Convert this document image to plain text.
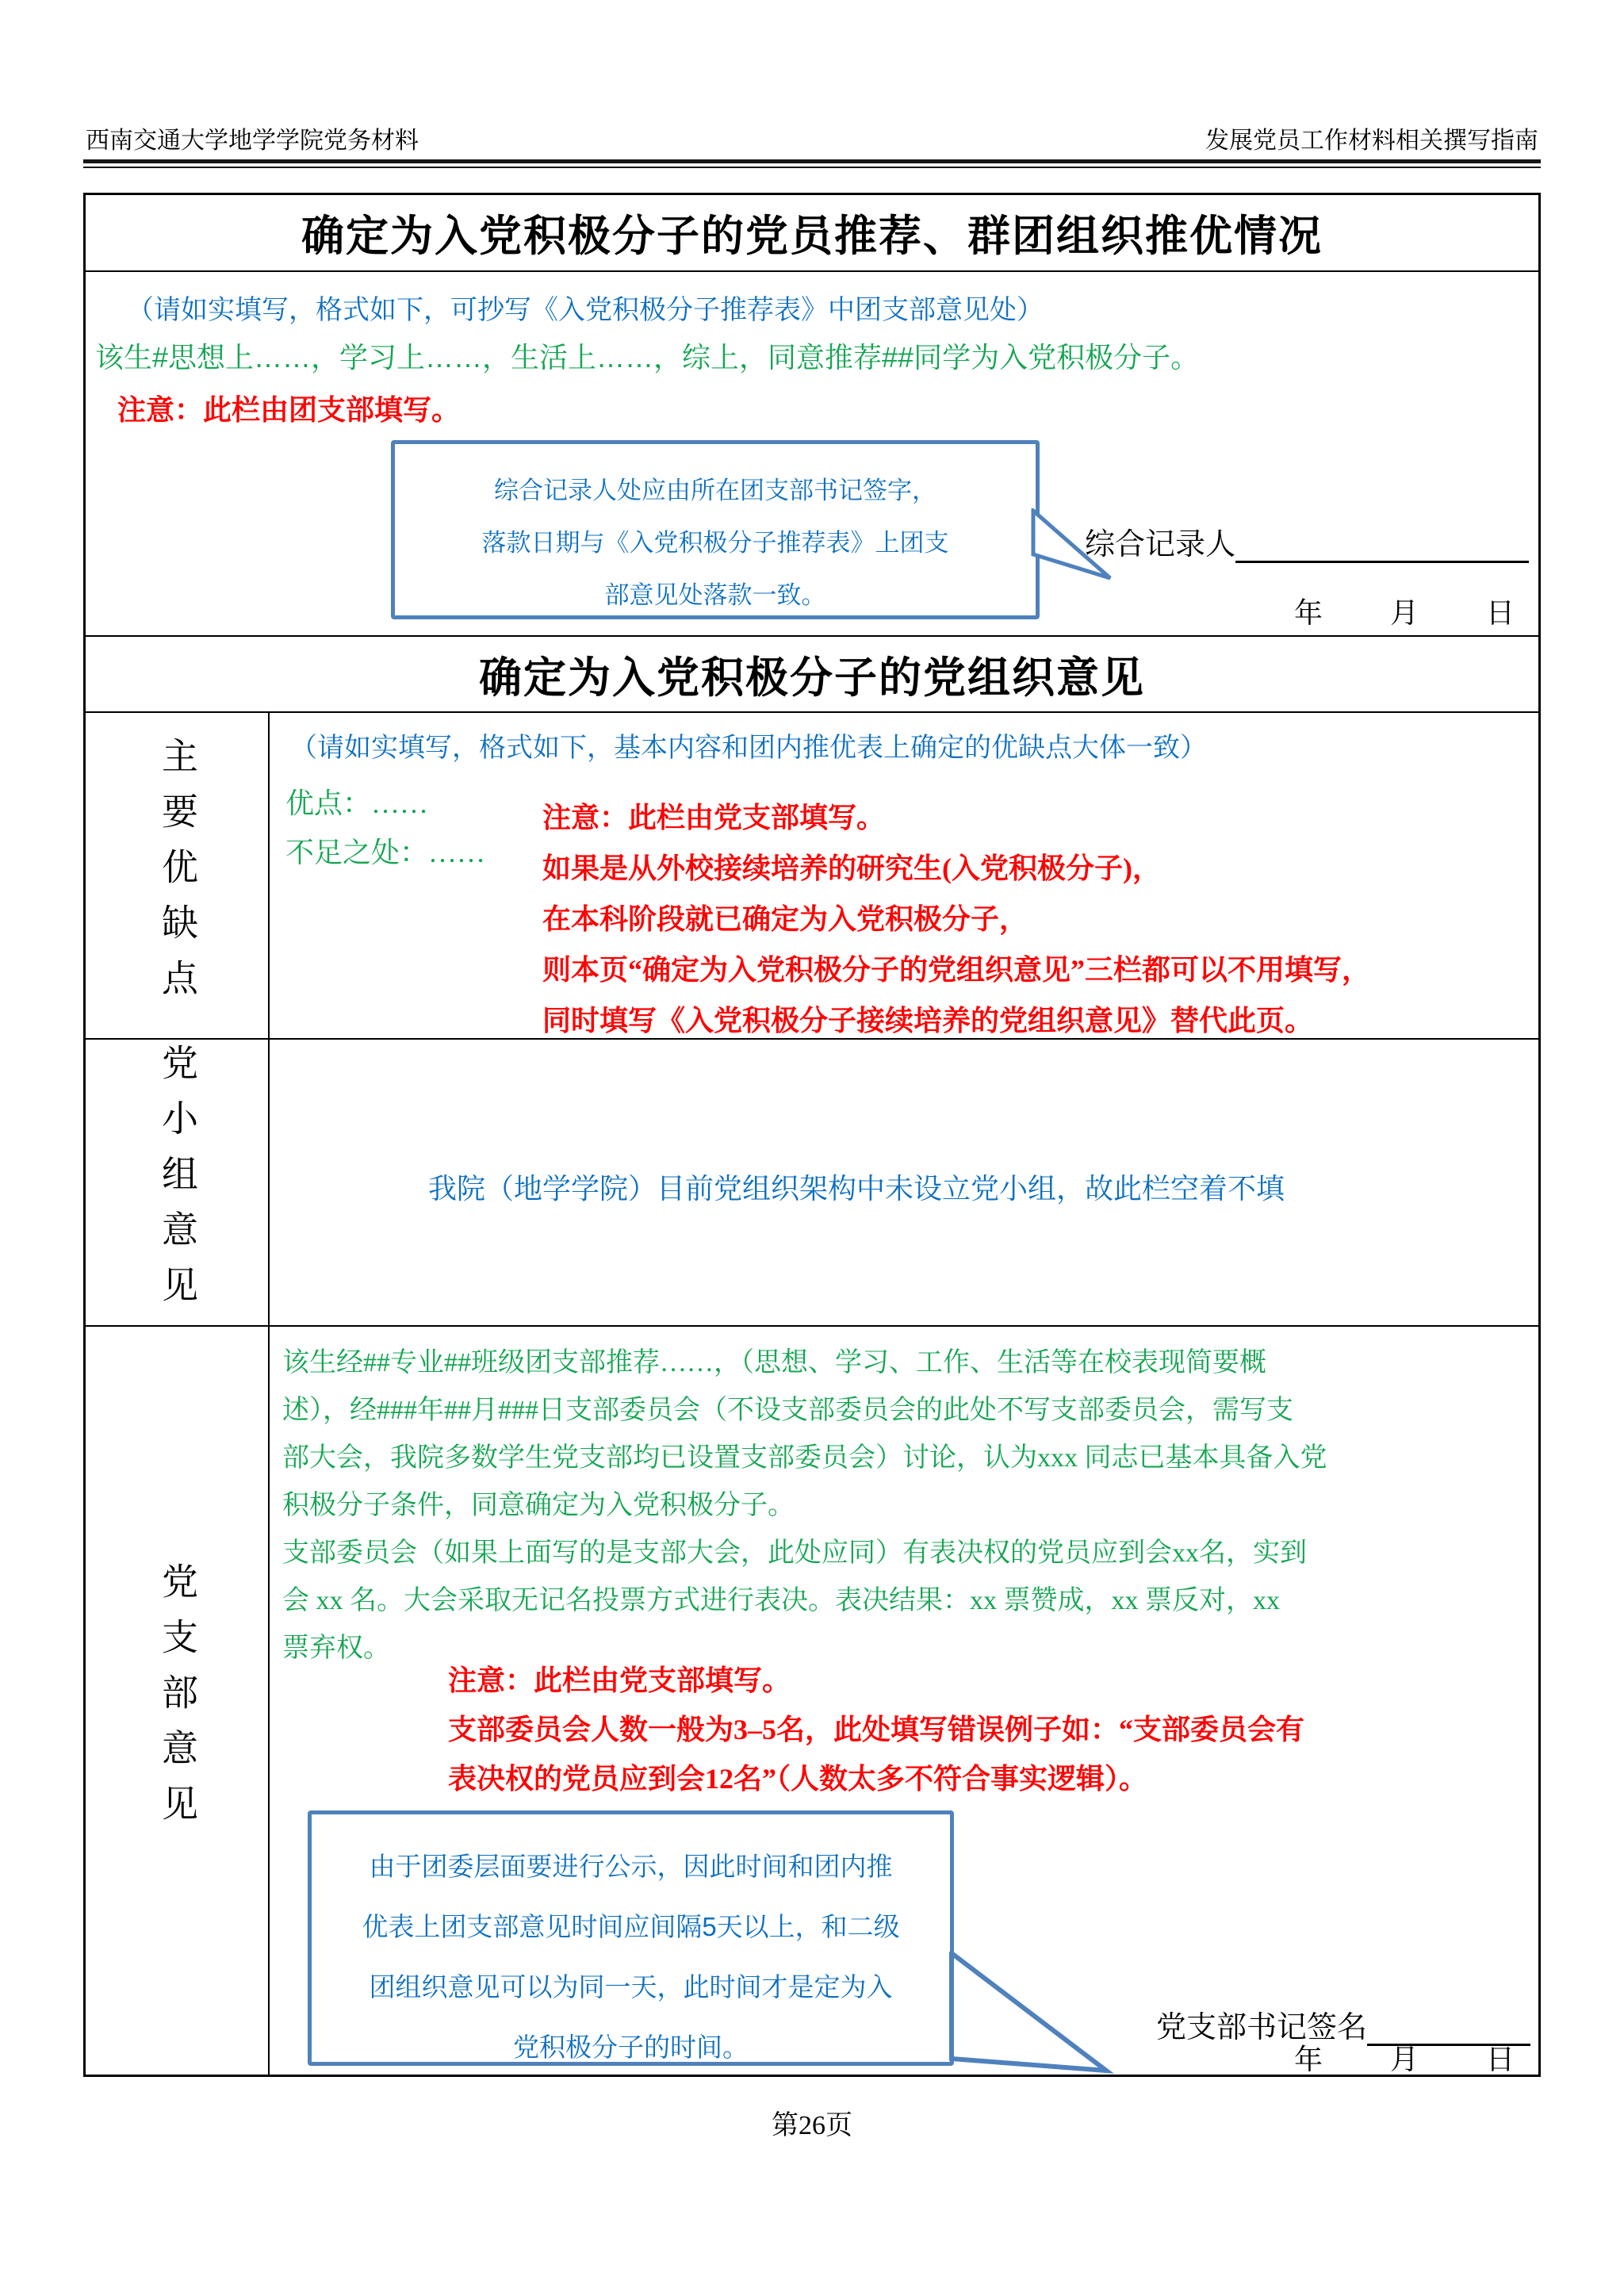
西南交通大学地学学院党务材料	发展党员工作材料相关撰写指南
确定为入党积极分子的党员推荐、群团组织推优情况
（请如实填写，格式如下，可抄写《入党积极分子推荐表》中团支部意见处）
该生#思想上……，学习上……，生活上……，综上，同意推荐##同学为入党积极分子。
注意：此栏由团支部填写。
综合记录人处应由所在团支部书记签字，
落款日期与《入党积极分子推荐表》上团支
部意见处落款一致。
综合记录人
年 月 日
确定为入党积极分子的党组织意见
主要优缺点	（请如实填写，格式如下，基本内容和团内推优表上确定的优缺点大体一致）
优点：……
不足之处：……
注意：此栏由党支部填写。
如果是从外校接续培养的研究生(入党积极分子)，
在本科阶段就已确定为入党积极分子，
则本页“确定为入党积极分子的党组织意见”三栏都可以不用填写，
同时填写《入党积极分子接续培养的党组织意见》替代此页。
党小组意见	我院（地学学院）目前党组织架构中未设立党小组，故此栏空着不填
党支部意见
该生经##专业##班级团支部推荐……，（思想、学习、工作、生活等在校表现简要概
述），经###年##月###日支部委员会（不设支部委员会的此处不写支部委员会，需写支
部大会，我院多数学生党支部均已设置支部委员会）讨论，认为xxx 同志已基本具备入党
积极分子条件，同意确定为入党积极分子。
支部委员会（如果上面写的是支部大会，此处应同）有表决权的党员应到会xx名，实到
会 xx 名。大会采取无记名投票方式进行表决。表决结果：xx 票赞成，xx 票反对，xx
票弃权。
注意：此栏由党支部填写。
支部委员会人数一般为3–5名，此处填写错误例子如：“支部委员会有
表决权的党员应到会12名”（人数太多不符合事实逻辑）。
由于团委层面要进行公示，因此时间和团内推
优表上团支部意见时间应间隔5天以上，和二级
团组织意见可以为同一天，此时间才是定为入
党积极分子的时间。
党支部书记签名
年 月 日
第26页
